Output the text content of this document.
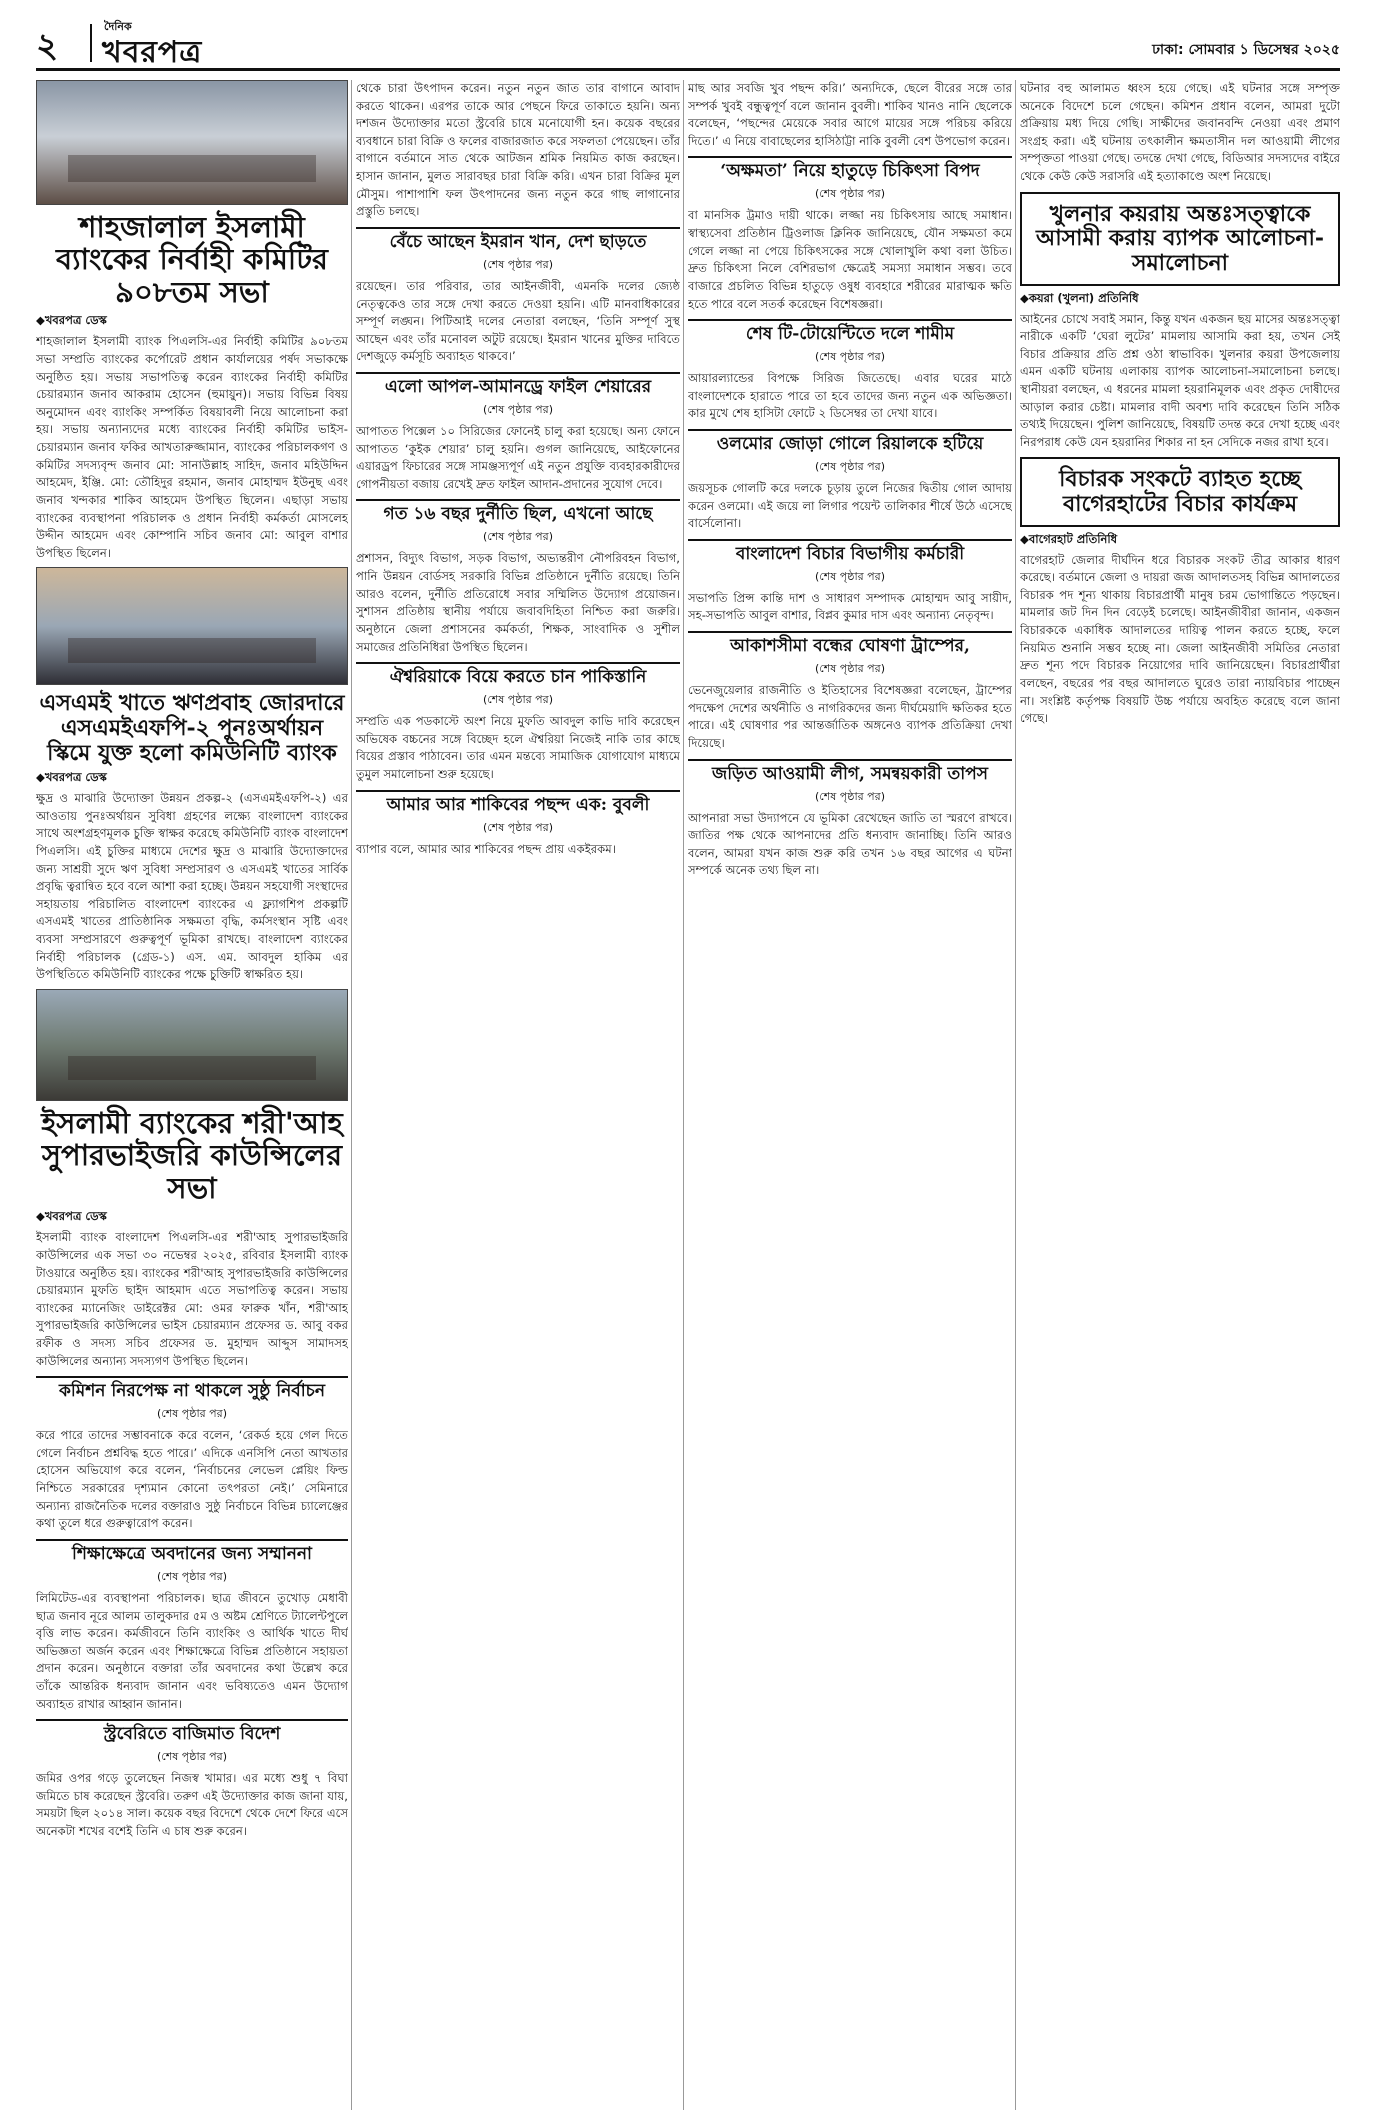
২	দৈনিক
খবরপত্র	ঢাকা: সোমবার ১ ডিসেম্বর ২০২৫
শাহজালাল ইসলামী ব্যাংকের নির্বাহী কমিটির ৯০৮তম সভা
◆ খবরপত্র ডেস্ক

শাহজালাল ইসলামী ব্যাংক পিএলসি-এর নির্বাহী কমিটির ৯০৮তম সভা সম্প্রতি ব্যাংকের কর্পোরেট প্রধান কার্যালয়ের পর্ষদ সভাকক্ষে অনুষ্ঠিত হয়। সভায় সভাপতিত্ব করেন ব্যাংকের নির্বাহী কমিটির চেয়ারম্যান জনাব আকরাম হোসেন (হুমায়ুন)। সভায় বিভিন্ন বিষয় অনুমোদন এবং ব্যাংকিং সম্পর্কিত বিষয়াবলী নিয়ে আলোচনা করা হয়। সভায় অন্যান্যদের মধ্যে ব্যাংকের নির্বাহী কমিটির ভাইস-চেয়ারম্যান জনাব ফকির আখতারুজ্জামান, ব্যাংকের পরিচালকগণ ও কমিটির সদস্যবৃন্দ জনাব মো: সানাউল্লাহ সাহিদ, জনাব মহিউদ্দিন আহমেদ, ইঞ্জি. মো: তৌহিদুর রহমান, জনাব মোহাম্মদ ইউনুছ এবং জনাব খন্দকার শাকিব আহমেদ উপস্থিত ছিলেন। এছাড়া সভায় ব্যাংকের ব্যবস্থাপনা পরিচালক ও প্রধান নির্বাহী কর্মকর্তা মোসলেহ উদ্দীন আহমেদ এবং কোম্পানি সচিব জনাব মো: আবুল বাশার উপস্থিত ছিলেন।

এসএমই খাতে ঋণপ্রবাহ জোরদারে এসএমইএফপি-২ পুনঃঅর্থায়ন স্কিমে যুক্ত হলো কমিউনিটি ব্যাংক
◆ খবরপত্র ডেস্ক

ক্ষুদ্র ও মাঝারি উদ্যোক্তা উন্নয়ন প্রকল্প-২ (এসএমইএফপি-২) এর আওতায় পুনঃঅর্থায়ন সুবিধা গ্রহণের লক্ষ্যে বাংলাদেশ ব্যাংকের সাথে অংশগ্রহণমূলক চুক্তি স্বাক্ষর করেছে কমিউনিটি ব্যাংক বাংলাদেশ পিএলসি। এই চুক্তির মাধ্যমে দেশের ক্ষুদ্র ও মাঝারি উদ্যোক্তাদের জন্য সাশ্রয়ী সুদে ঋণ সুবিধা সম্প্রসারণ ও এসএমই খাতের সার্বিক প্রবৃদ্ধি ত্বরান্বিত হবে বলে আশা করা হচ্ছে। উন্নয়ন সহযোগী সংস্থাদের সহায়তায় পরিচালিত বাংলাদেশ ব্যাংকের এ ফ্ল্যাগশিপ প্রকল্পটি এসএমই খাতের প্রাতিষ্ঠানিক সক্ষমতা বৃদ্ধি, কর্মসংস্থান সৃষ্টি এবং ব্যবসা সম্প্রসারণে গুরুত্বপূর্ণ ভূমিকা রাখছে। বাংলাদেশ ব্যাংকের নির্বাহী পরিচালক (গ্রেড-১) এস. এম. আবদুল হাকিম এর উপস্থিতিতে কমিউনিটি ব্যাংকের পক্ষে চুক্তিটি স্বাক্ষরিত হয়।

ইসলামী ব্যাংকের শরী'আহ সুপারভাইজরি কাউন্সিলের সভা
◆ খবরপত্র ডেস্ক

ইসলামী ব্যাংক বাংলাদেশ পিএলসি-এর শরী'আহ সুপারভাইজরি কাউন্সিলের এক সভা ৩০ নভেম্বর ২০২৫, রবিবার ইসলামী ব্যাংক টাওয়ারে অনুষ্ঠিত হয়। ব্যাংকের শরী'আহ সুপারভাইজরি কাউন্সিলের চেয়ারম্যান মুফতি ছাইদ আহমাদ এতে সভাপতিত্ব করেন। সভায় ব্যাংকের ম্যানেজিং ডাইরেক্টর মো: ওমর ফারুক খাঁন, শরী'আহ সুপারভাইজরি কাউন্সিলের ভাইস চেয়ারম্যান প্রফেসর ড. আবু বকর রফীক ও সদস্য সচিব প্রফেসর ড. মুহাম্মদ আব্দুস সামাদসহ কাউন্সিলের অন্যান্য সদস্যগণ উপস্থিত ছিলেন।

কমিশন নিরপেক্ষ না থাকলে সুষ্ঠু নির্বাচন
(শেষ পৃষ্ঠার পর)

করে পারে তাদের সম্ভাবনাকে করে বলেন, ‘রেকর্ড হয়ে গেল দিতে গেলে নির্বাচন প্রশ্নবিদ্ধ হতে পারে।’ এদিকে এনসিপি নেতা আখতার হোসেন অভিযোগ করে বলেন, ‘নির্বাচনের লেভেল প্লেয়িং ফিল্ড নিশ্চিতে সরকারের দৃশ্যমান কোনো তৎপরতা নেই।’ সেমিনারে অন্যান্য রাজনৈতিক দলের বক্তারাও সুষ্ঠু নির্বাচনে বিভিন্ন চ্যালেঞ্জের কথা তুলে ধরে গুরুত্বারোপ করেন।

শিক্ষাক্ষেত্রে অবদানের জন্য সম্মাননা
(শেষ পৃষ্ঠার পর)

লিমিটেড-এর ব্যবস্থাপনা পরিচালক। ছাত্র জীবনে তুখোড় মেধাবী ছাত্র জনাব নূরে আলম তালুকদার ৫ম ও অষ্টম শ্রেণিতে ট্যালেন্টপুলে বৃত্তি লাভ করেন। কর্মজীবনে তিনি ব্যাংকিং ও আর্থিক খাতে দীর্ঘ অভিজ্ঞতা অর্জন করেন এবং শিক্ষাক্ষেত্রে বিভিন্ন প্রতিষ্ঠানে সহায়তা প্রদান করেন। অনুষ্ঠানে বক্তারা তাঁর অবদানের কথা উল্লেখ করে তাঁকে আন্তরিক ধন্যবাদ জানান এবং ভবিষ্যতেও এমন উদ্যোগ অব্যাহত রাখার আহ্বান জানান।

স্ট্রবেরিতে বাজিমাত বিদেশ
(শেষ পৃষ্ঠার পর)

জমির ওপর গড়ে তুলেছেন নিজস্ব খামার। এর মধ্যে শুধু ৭ বিঘা জমিতে চাষ করেছেন স্ট্রবেরি। তরুণ এই উদ্যোক্তার কাজ জানা যায়, সময়টা ছিল ২০১৪ সাল। কয়েক বছর বিদেশে থেকে দেশে ফিরে এসে অনেকটা শখের বশেই তিনি এ চাষ শুরু করেন।

থেকে চারা উৎপাদন করেন। নতুন নতুন জাত তার বাগানে আবাদ করতে থাকেন। এরপর তাকে আর পেছনে ফিরে তাকাতে হয়নি। অন্য দশজন উদ্যোক্তার মতো স্ট্রবেরি চাষে মনোযোগী হন। কয়েক বছরের ব্যবধানে চারা বিক্রি ও ফলের বাজারজাত করে সফলতা পেয়েছেন। তাঁর বাগানে বর্তমানে সাত থেকে আটজন শ্রমিক নিয়মিত কাজ করছেন। হাসান জানান, মুলত সারাবছর চারা বিক্রি করি। এখন চারা বিক্রির মূল মৌসুম। পাশাপাশি ফল উৎপাদনের জন্য নতুন করে গাছ লাগানোর প্রস্তুতি চলছে।

বেঁচে আছেন ইমরান খান, দেশ ছাড়তে
(শেষ পৃষ্ঠার পর)

রয়েছেন। তার পরিবার, তার আইনজীবী, এমনকি দলের জ্যেষ্ঠ নেতৃত্বকেও তার সঙ্গে দেখা করতে দেওয়া হয়নি। এটি মানবাধিকারের সম্পূর্ণ লঙ্ঘন। পিটিআই দলের নেতারা বলছেন, ‘তিনি সম্পূর্ণ সুস্থ আছেন এবং তাঁর মনোবল অটুট রয়েছে। ইমরান খানের মুক্তির দাবিতে দেশজুড়ে কর্মসূচি অব্যাহত থাকবে।’

এলো আপল-আমানড্রে ফাইল শেয়ারের
(শেষ পৃষ্ঠার পর)

আপাতত পিক্সেল ১০ সিরিজের ফোনেই চালু করা হয়েছে। অন্য ফোনে আপাতত ‘কুইক শেয়ার’ চালু হয়নি। গুগল জানিয়েছে, আইফোনের এয়ারড্রপ ফিচারের সঙ্গে সামঞ্জস্যপূর্ণ এই নতুন প্রযুক্তি ব্যবহারকারীদের গোপনীয়তা বজায় রেখেই দ্রুত ফাইল আদান-প্রদানের সুযোগ দেবে।

গত ১৬ বছর দুর্নীতি ছিল, এখনো আছে
(শেষ পৃষ্ঠার পর)

প্রশাসন, বিদ্যুৎ বিভাগ, সড়ক বিভাগ, অভ্যন্তরীণ নৌপরিবহন বিভাগ, পানি উন্নয়ন বোর্ডসহ সরকারি বিভিন্ন প্রতিষ্ঠানে দুর্নীতি রয়েছে। তিনি আরও বলেন, দুর্নীতি প্রতিরোধে সবার সম্মিলিত উদ্যোগ প্রয়োজন। সুশাসন প্রতিষ্ঠায় স্থানীয় পর্যায়ে জবাবদিহিতা নিশ্চিত করা জরুরি। অনুষ্ঠানে জেলা প্রশাসনের কর্মকর্তা, শিক্ষক, সাংবাদিক ও সুশীল সমাজের প্রতিনিধিরা উপস্থিত ছিলেন।

ঐশ্বরিয়াকে বিয়ে করতে চান পাকিস্তানি
(শেষ পৃষ্ঠার পর)

সম্প্রতি এক পডকাস্টে অংশ নিয়ে মুফতি আবদুল কাভি দাবি করেছেন অভিষেক বচ্চনের সঙ্গে বিচ্ছেদ হলে ঐশ্বরিয়া নিজেই নাকি তার কাছে বিয়ের প্রস্তাব পাঠাবেন। তার এমন মন্তব্যে সামাজিক যোগাযোগ মাধ্যমে তুমুল সমালোচনা শুরু হয়েছে।

আমার আর শাকিবের পছন্দ এক: বুবলী
(শেষ পৃষ্ঠার পর)

ব্যাপার বলে, আমার আর শাকিবের পছন্দ প্রায় একইরকম।

মাছ আর সবজি খুব পছন্দ করি।’ অন্যদিকে, ছেলে বীরের সঙ্গে তার সম্পর্ক খুবই বন্ধুত্বপূর্ণ বলে জানান বুবলী। শাকিব খানও নানি ছেলেকে বলেছেন, ‘পছন্দের মেয়েকে সবার আগে মায়ের সঙ্গে পরিচয় করিয়ে দিতে।’ এ নিয়ে বাবাছেলের হাসিঠাট্টা নাকি বুবলী বেশ উপভোগ করেন।

‘অক্ষমতা’ নিয়ে হাতুড়ে চিকিৎসা বিপদ
(শেষ পৃষ্ঠার পর)

বা মানসিক ট্রমাও দায়ী থাকে। লজ্জা নয় চিকিৎসায় আছে সমাধান। স্বাস্থ্যসেবা প্রতিষ্ঠান ট্রিওলাজ ক্লিনিক জানিয়েছে, যৌন সক্ষমতা কমে গেলে লজ্জা না পেয়ে চিকিৎসকের সঙ্গে খোলাখুলি কথা বলা উচিত। দ্রুত চিকিৎসা নিলে বেশিরভাগ ক্ষেত্রেই সমস্যা সমাধান সম্ভব। তবে বাজারে প্রচলিত বিভিন্ন হাতুড়ে ওষুধ ব্যবহারে শরীরের মারাত্মক ক্ষতি হতে পারে বলে সতর্ক করেছেন বিশেষজ্ঞরা।

শেষ টি-টোয়েন্টিতে দলে শামীম
(শেষ পৃষ্ঠার পর)

আয়ারল্যান্ডের বিপক্ষে সিরিজ জিতেছে। এবার ঘরের মাঠে বাংলাদেশকে হারাতে পারে তা হবে তাদের জন্য নতুন এক অভিজ্ঞতা। কার মুখে শেষ হাসিটা ফোটে ২ ডিসেম্বর তা দেখা যাবে।

ওলমোর জোড়া গোলে রিয়ালকে হটিয়ে
(শেষ পৃষ্ঠার পর)

জয়সূচক গোলটি করে দলকে চূড়ায় তুলে নিজের দ্বিতীয় গোল আদায় করেন ওলমো। এই জয়ে লা লিগার পয়েন্ট তালিকার শীর্ষে উঠে এসেছে বার্সেলোনা।

বাংলাদেশ বিচার বিভাগীয় কর্মচারী
(শেষ পৃষ্ঠার পর)

সভাপতি প্রিন্স কান্তি দাশ ও সাধারণ সম্পাদক মোহাম্মদ আবু সায়ীদ, সহ-সভাপতি আবুল বাশার, বিপ্লব কুমার দাস এবং অন্যান্য নেতৃবৃন্দ।

আকাশসীমা বন্ধের ঘোষণা ট্রাম্পের,
(শেষ পৃষ্ঠার পর)

ভেনেজুয়েলার রাজনীতি ও ইতিহাসের বিশেষজ্ঞরা বলেছেন, ট্রাম্পের পদক্ষেপ দেশের অর্থনীতি ও নাগরিকদের জন্য দীর্ঘমেয়াদি ক্ষতিকর হতে পারে। এই ঘোষণার পর আন্তর্জাতিক অঙ্গনেও ব্যাপক প্রতিক্রিয়া দেখা দিয়েছে।

জড়িত আওয়ামী লীগ, সমন্বয়কারী তাপস
(শেষ পৃষ্ঠার পর)

আপনারা সভা উদ্যাপনে যে ভূমিকা রেখেছেন জাতি তা স্মরণে রাখবে। জাতির পক্ষ থেকে আপনাদের প্রতি ধন্যবাদ জানাচ্ছি। তিনি আরও বলেন, আমরা যখন কাজ শুরু করি তখন ১৬ বছর আগের এ ঘটনা সম্পর্কে অনেক তথ্য ছিল না।

ঘটনার বহু আলামত ধ্বংস হয়ে গেছে। এই ঘটনার সঙ্গে সম্পৃক্ত অনেকে বিদেশে চলে গেছেন। কমিশন প্রধান বলেন, আমরা দুটো প্রক্রিয়ায় মধ্য দিয়ে গেছি। সাক্ষীদের জবানবন্দি নেওয়া এবং প্রমাণ সংগ্রহ করা। এই ঘটনায় তৎকালীন ক্ষমতাসীন দল আওয়ামী লীগের সম্পৃক্ততা পাওয়া গেছে। তদন্তে দেখা গেছে, বিডিআর সদস্যদের বাইরে থেকে কেউ কেউ সরাসরি এই হত্যাকাণ্ডে অংশ নিয়েছে।

খুলনার কয়রায় অন্তঃসত্ত্বাকে আসামী করায় ব্যাপক আলোচনা-সমালোচনা
◆ কয়রা (খুলনা) প্রতিনিধি

আইনের চোখে সবাই সমান, কিন্তু যখন একজন ছয় মাসের অন্তঃসত্ত্বা নারীকে একটি ‘ঘেরা লুটের’ মামলায় আসামি করা হয়, তখন সেই বিচার প্রক্রিয়ার প্রতি প্রশ্ন ওঠা স্বাভাবিক। খুলনার কয়রা উপজেলায় এমন একটি ঘটনায় এলাকায় ব্যাপক আলোচনা-সমালোচনা চলছে। স্থানীয়রা বলছেন, এ ধরনের মামলা হয়রানিমূলক এবং প্রকৃত দোষীদের আড়াল করার চেষ্টা। মামলার বাদী অবশ্য দাবি করেছেন তিনি সঠিক তথ্যই দিয়েছেন। পুলিশ জানিয়েছে, বিষয়টি তদন্ত করে দেখা হচ্ছে এবং নিরপরাধ কেউ যেন হয়রানির শিকার না হন সেদিকে নজর রাখা হবে।

বিচারক সংকটে ব্যাহত হচ্ছে বাগেরহাটের বিচার কার্যক্রম
◆ বাগেরহাট প্রতিনিধি

বাগেরহাট জেলার দীর্ঘদিন ধরে বিচারক সংকট তীব্র আকার ধারণ করেছে। বর্তমানে জেলা ও দায়রা জজ আদালতসহ বিভিন্ন আদালতের বিচারক পদ শূন্য থাকায় বিচারপ্রার্থী মানুষ চরম ভোগান্তিতে পড়ছেন। মামলার জট দিন দিন বেড়েই চলেছে। আইনজীবীরা জানান, একজন বিচারককে একাধিক আদালতের দায়িত্ব পালন করতে হচ্ছে, ফলে নিয়মিত শুনানি সম্ভব হচ্ছে না। জেলা আইনজীবী সমিতির নেতারা দ্রুত শূন্য পদে বিচারক নিয়োগের দাবি জানিয়েছেন। বিচারপ্রার্থীরা বলছেন, বছরের পর বছর আদালতে ঘুরেও তারা ন্যায়বিচার পাচ্ছেন না। সংশ্লিষ্ট কর্তৃপক্ষ বিষয়টি উচ্চ পর্যায়ে অবহিত করেছে বলে জানা গেছে।
